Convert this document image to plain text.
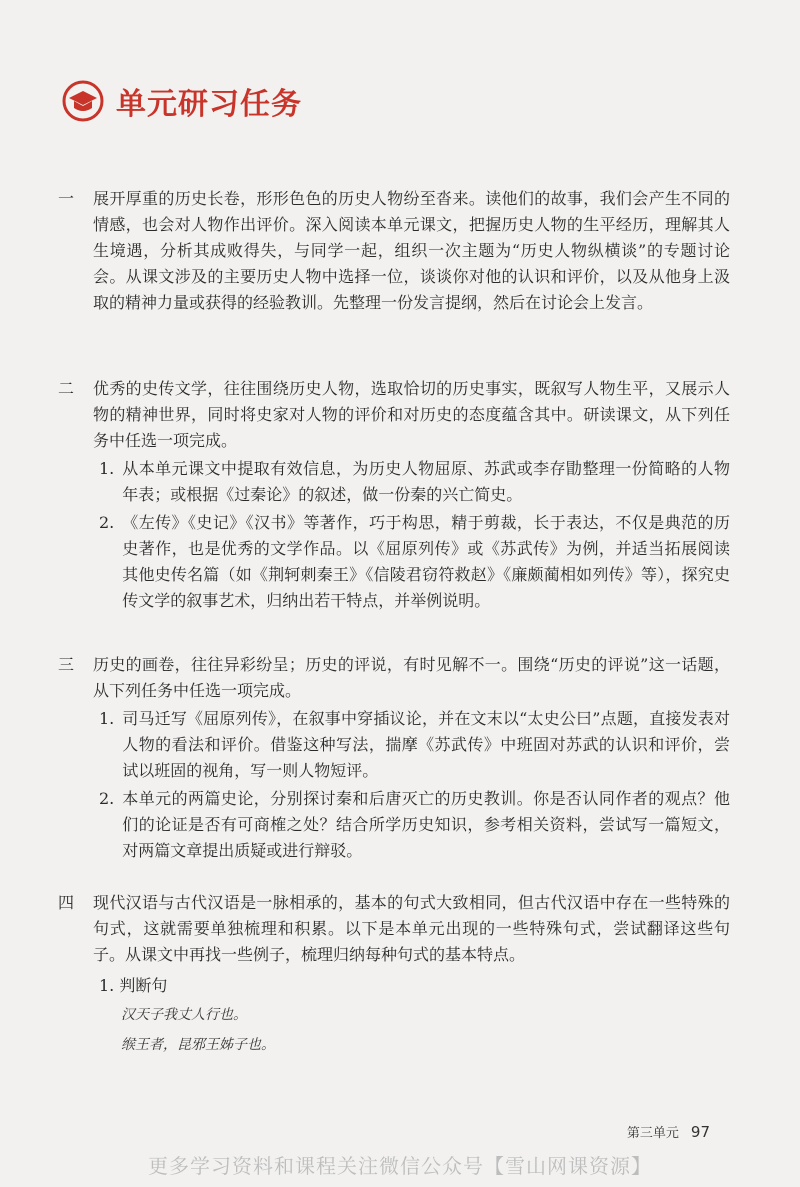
单元研习任务
一	展开厚重的历史长卷，形形色色的历史人物纷至沓来。读他们的故事，我们会产生不同的情感，也会对人物作出评价。深入阅读本单元课文，把握历史人物的生平经历，理解其人生境遇，分析其成败得失，与同学一起，组织一次主题为“历史人物纵横谈”的专题讨论会。从课文涉及的主要历史人物中选择一位，谈谈你对他的认识和评价，以及从他身上汲取的精神力量或获得的经验教训。先整理一份发言提纲，然后在讨论会上发言。
二	优秀的史传文学，往往围绕历史人物，选取恰切的历史事实，既叙写人物生平，又展示人物的精神世界，同时将史家对人物的评价和对历史的态度蕴含其中。研读课文，从下列任务中任选一项完成。
1. 从本单元课文中提取有效信息，为历史人物屈原、苏武或李存勖整理一份简略的人物年表；或根据《过秦论》的叙述，做一份秦的兴亡简史。
2. 《左传》《史记》《汉书》等著作，巧于构思，精于剪裁，长于表达，不仅是典范的历史著作，也是优秀的文学作品。以《屈原列传》或《苏武传》为例，并适当拓展阅读其他史传名篇（如《荆轲刺秦王》《信陵君窃符救赵》《廉颇蔺相如列传》等），探究史传文学的叙事艺术，归纳出若干特点，并举例说明。
三	历史的画卷，往往异彩纷呈；历史的评说，有时见解不一。围绕“历史的评说”这一话题，从下列任务中任选一项完成。
1. 司马迁写《屈原列传》，在叙事中穿插议论，并在文末以“太史公曰”点题，直接发表对人物的看法和评价。借鉴这种写法，揣摩《苏武传》中班固对苏武的认识和评价，尝试以班固的视角，写一则人物短评。
2. 本单元的两篇史论，分别探讨秦和后唐灭亡的历史教训。你是否认同作者的观点？他们的论证是否有可商榷之处？结合所学历史知识，参考相关资料，尝试写一篇短文，对两篇文章提出质疑或进行辩驳。
四	现代汉语与古代汉语是一脉相承的，基本的句式大致相同，但古代汉语中存在一些特殊的句式，这就需要单独梳理和积累。以下是本单元出现的一些特殊句式，尝试翻译这些句子。从课文中再找一些例子，梳理归纳每种句式的基本特点。
1. 判断句
汉天子我丈人行也。
缑王者，昆邪王姊子也。
第三单元 97
更多学习资料和课程关注微信公众号【雪山网课资源】
